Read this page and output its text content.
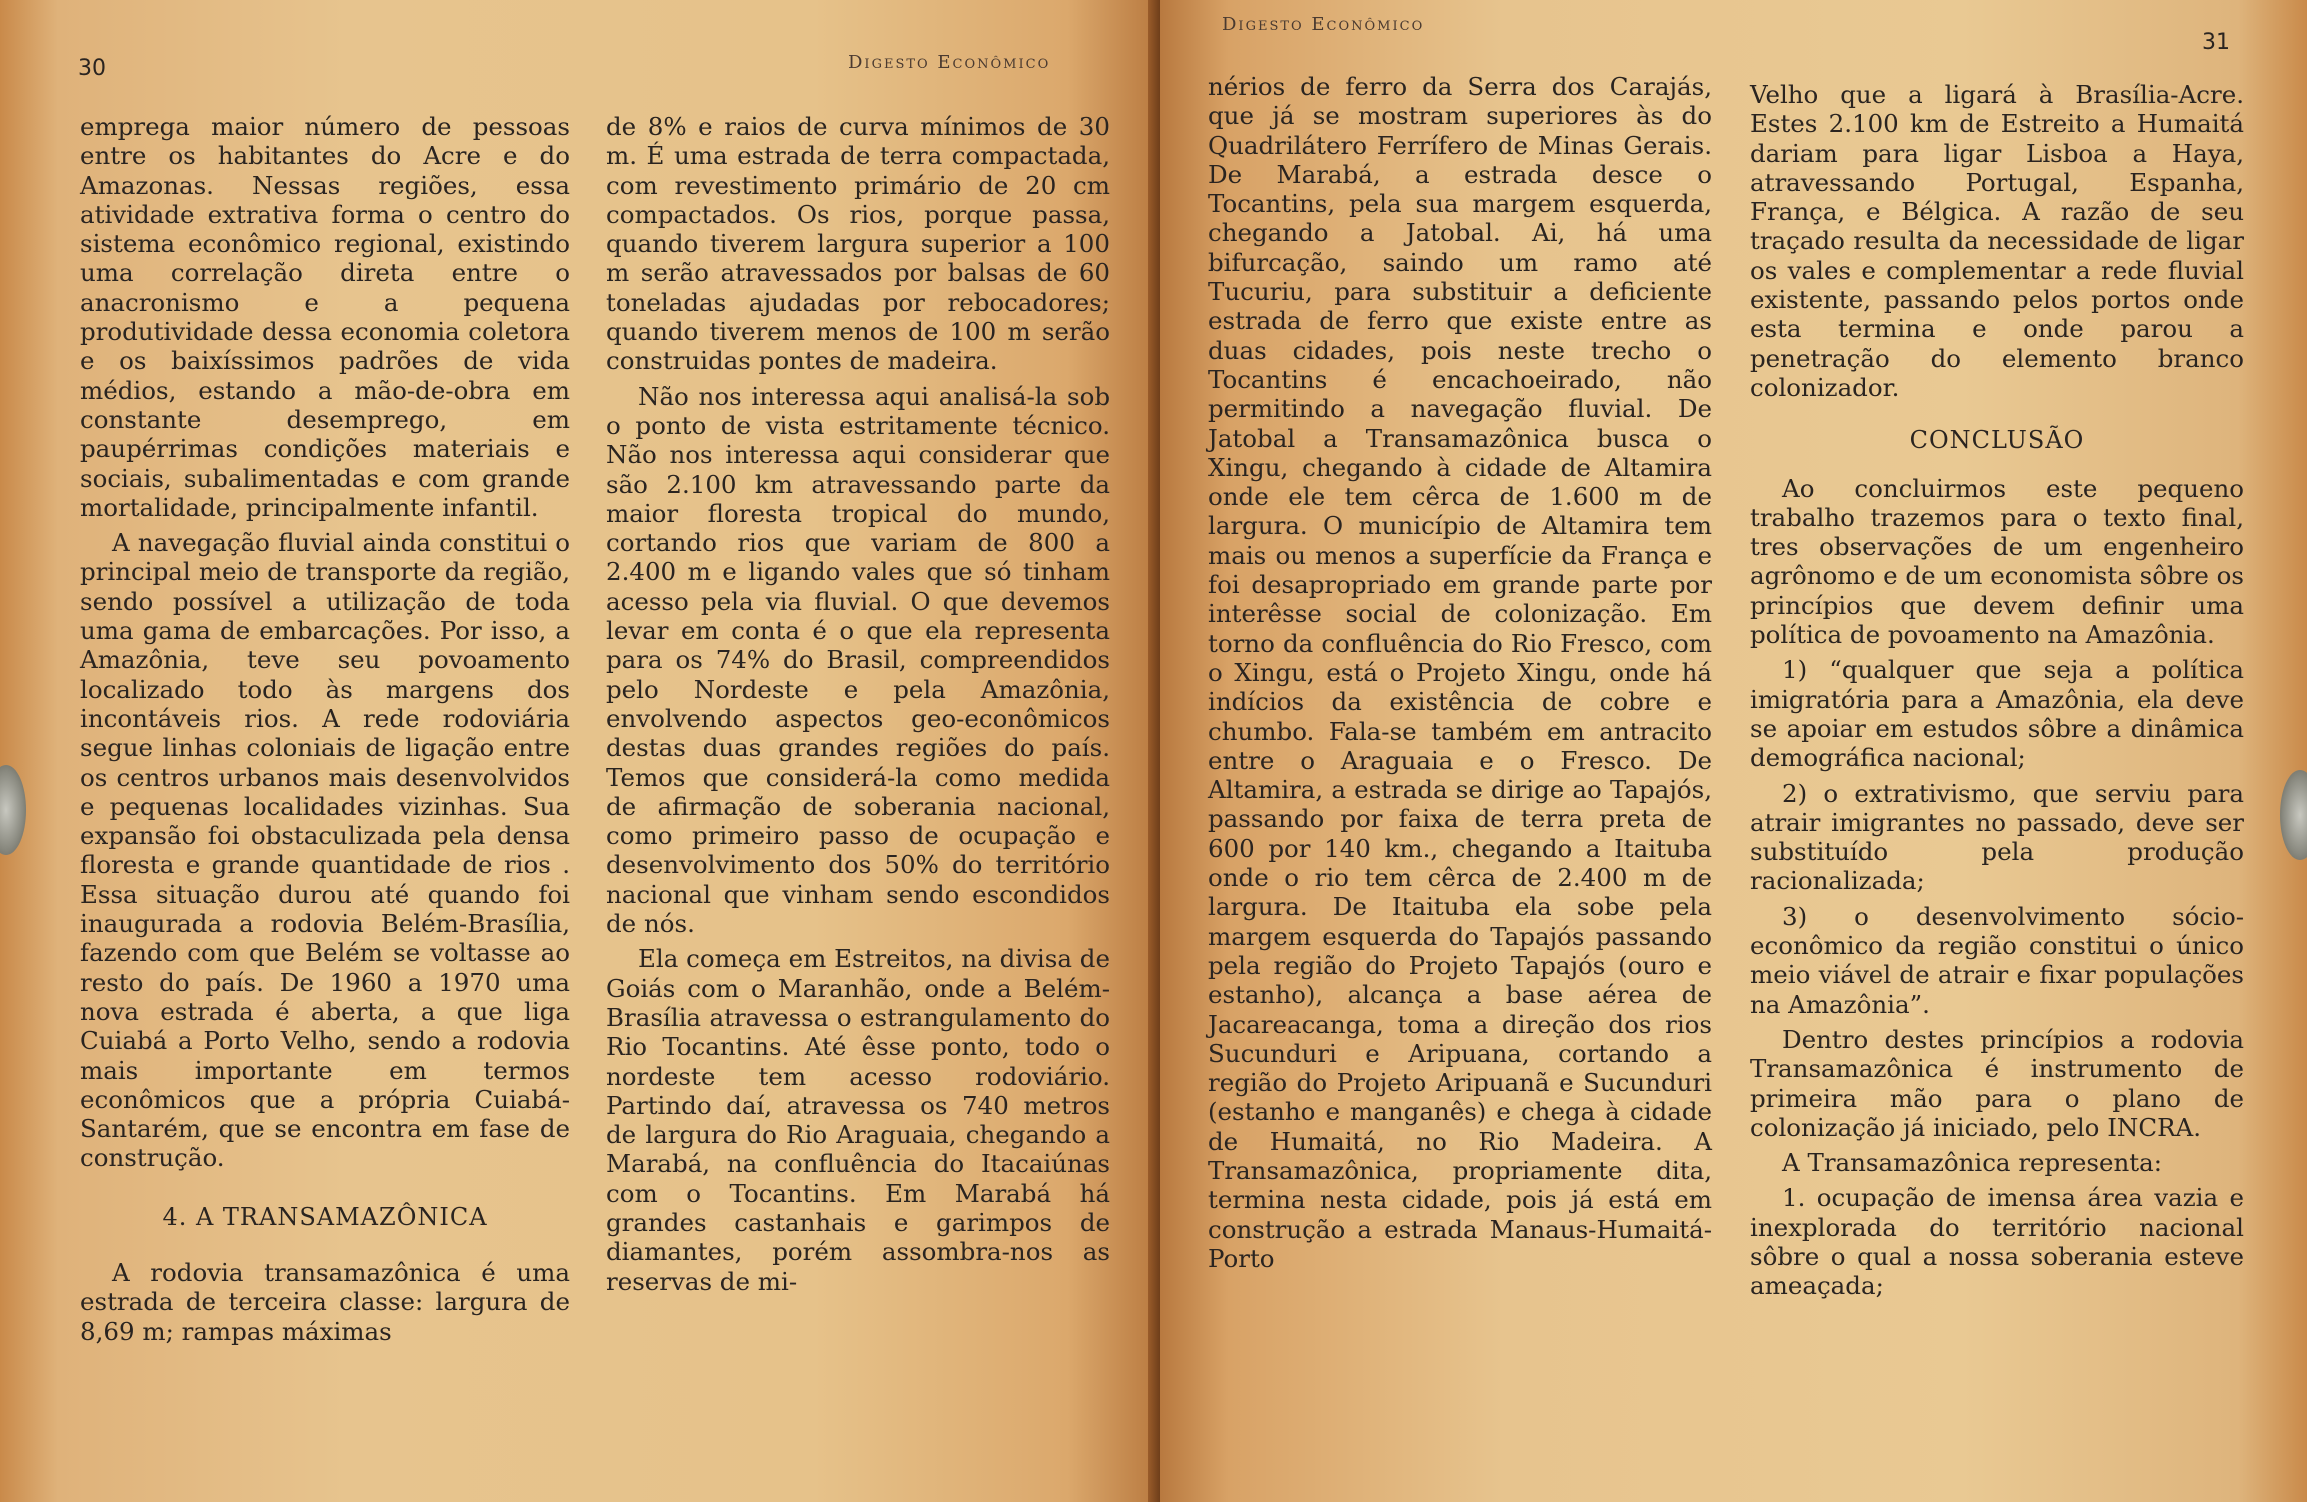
30	Digesto Econômico

emprega maior número de pessoas entre os habitantes do Acre e do Amazonas. Nessas regiões, essa atividade extrativa forma o centro do sistema econômico regional, existindo uma correlação direta entre o anacronismo e a pequena produtividade dessa economia coletora e os baixíssimos padrões de vida médios, estando a mão-de-obra em constante desemprego, em paupérrimas condições materiais e sociais, subalimentadas e com grande mortalidade, principalmente infantil.

A navegação fluvial ainda constitui o principal meio de transporte da região, sendo possível a utilização de toda uma gama de embarcações. Por isso, a Amazônia, teve seu povoamento localizado todo às margens dos incontáveis rios. A rede rodoviária segue linhas coloniais de ligação entre os centros urbanos mais desenvolvidos e pequenas localidades vizinhas. Sua expansão foi obstaculizada pela densa floresta e grande quantidade de rios . Essa situação durou até quando foi inaugurada a rodovia Belém-Brasília, fazendo com que Belém se voltasse ao resto do país. De 1960 a 1970 uma nova estrada é aberta, a que liga Cuiabá a Porto Velho, sendo a rodovia mais importante em termos econômicos que a própria Cuiabá-Santarém, que se encontra em fase de construção.

4. A TRANSAMAZÔNICA

A rodovia transamazônica é uma estrada de terceira classe: largura de 8,69 m; rampas máximas

de 8% e raios de curva mínimos de 30 m. É uma estrada de terra compactada, com revestimento primário de 20 cm compactados. Os rios, porque passa, quando tiverem largura superior a 100 m serão atravessados por balsas de 60 toneladas ajudadas por rebocadores; quando tiverem menos de 100 m serão construidas pontes de madeira.

Não nos interessa aqui analisá-la sob o ponto de vista estritamente técnico. Não nos interessa aqui considerar que são 2.100 km atravessando parte da maior floresta tropical do mundo, cortando rios que variam de 800 a 2.400 m e ligando vales que só tinham acesso pela via fluvial. O que devemos levar em conta é o que ela representa para os 74% do Brasil, compreendidos pelo Nordeste e pela Amazônia, envolvendo aspectos geo-econômicos destas duas grandes regiões do país. Temos que considerá-la como medida de afirmação de soberania nacional, como primeiro passo de ocupação e desenvolvimento dos 50% do território nacional que vinham sendo escondidos de nós.

Ela começa em Estreitos, na divisa de Goiás com o Maranhão, onde a Belém-Brasília atravessa o estrangulamento do Rio Tocantins. Até êsse ponto, todo o nordeste tem acesso rodoviário. Partindo daí, atravessa os 740 metros de largura do Rio Araguaia, chegando a Marabá, na confluência do Itacaiúnas com o Tocantins. Em Marabá há grandes castanhais e garimpos de diamantes, porém assombra-nos as reservas de mi-

Digesto Econômico
31

nérios de ferro da Serra dos Carajás, que já se mostram superiores às do Quadrilátero Ferrífero de Minas Gerais. De Marabá, a estrada desce o Tocantins, pela sua margem esquerda, chegando a Jatobal. Ai, há uma bifurcação, saindo um ramo até Tucuriu, para substituir a deficiente estrada de ferro que existe entre as duas cidades, pois neste trecho o Tocantins é encachoeirado, não permitindo a navegação fluvial. De Jatobal a Transamazônica busca o Xingu, chegando à cidade de Altamira onde ele tem cêrca de 1.600 m de largura. O município de Altamira tem mais ou menos a superfície da França e foi desapropriado em grande parte por interêsse social de colonização. Em torno da confluência do Rio Fresco, com o Xingu, está o Projeto Xingu, onde há indícios da existência de cobre e chumbo. Fala-se também em antracito entre o Araguaia e o Fresco. De Altamira, a estrada se dirige ao Tapajós, passando por faixa de terra preta de 600 por 140 km., chegando a Itaituba onde o rio tem cêrca de 2.400 m de largura. De Itaituba ela sobe pela margem esquerda do Tapajós passando pela região do Projeto Tapajós (ouro e estanho), alcança a base aérea de Jacareacanga, toma a direção dos rios Sucunduri e Aripuana, cortando a região do Projeto Aripuanã e Sucunduri (estanho e manganês) e chega à cidade de Humaitá, no Rio Madeira. A Transamazônica, propriamente dita, termina nesta cidade, pois já está em construção a estrada Manaus-Humaitá-Porto

Velho que a ligará à Brasília-Acre. Estes 2.100 km de Estreito a Humaitá dariam para ligar Lisboa a Haya, atravessando Portugal, Espanha, França, e Bélgica. A razão de seu traçado resulta da necessidade de ligar os vales e complementar a rede fluvial existente, passando pelos portos onde esta termina e onde parou a penetração do elemento branco colonizador.

CONCLUSÃO

Ao concluirmos este pequeno trabalho trazemos para o texto final, tres observações de um engenheiro agrônomo e de um economista sôbre os princípios que devem definir uma política de povoamento na Amazônia.

1) “qualquer que seja a política imigratória para a Amazônia, ela deve se apoiar em estudos sôbre a dinâmica demográfica nacional;

2) o extrativismo, que serviu para atrair imigrantes no passado, deve ser substituído pela produção racionalizada;

3) o desenvolvimento sócio-econômico da região constitui o único meio viável de atrair e fixar populações na Amazônia”.

Dentro destes princípios a rodovia Transamazônica é instrumento de primeira mão para o plano de colonização já iniciado, pelo INCRA.

A Transamazônica representa:

1. ocupação de imensa área vazia e inexplorada do território nacional sôbre o qual a nossa soberania esteve ameaçada;
